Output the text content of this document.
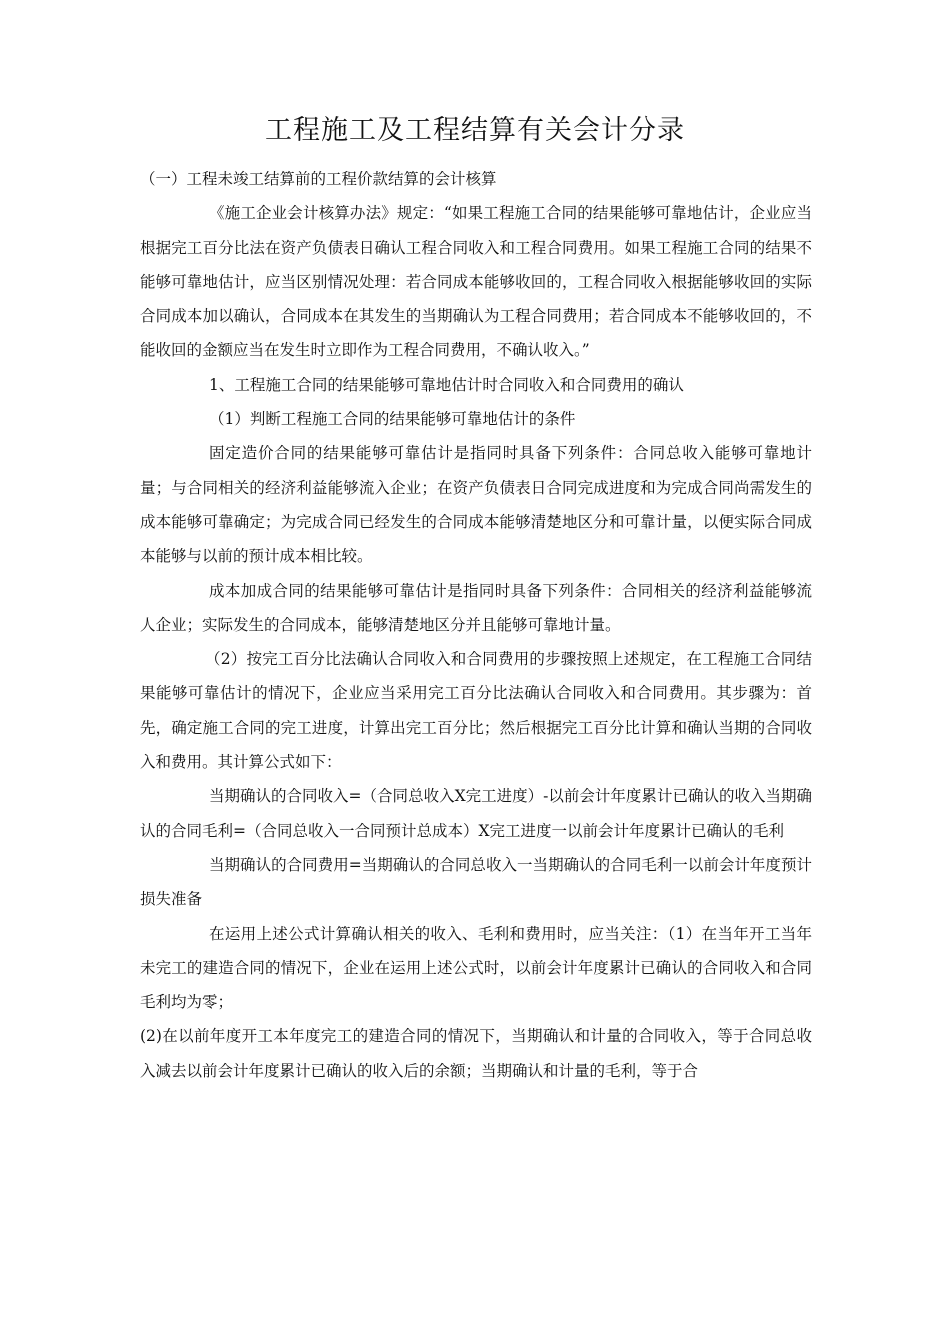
工程施工及工程结算有关会计分录

（一）工程未竣工结算前的工程价款结算的会计核算

《施工企业会计核算办法》规定：“如果工程施工合同的结果能够可靠地估计，企业应当根据完工百分比法在资产负债表日确认工程合同收入和工程合同费用。如果工程施工合同的结果不能够可靠地估计，应当区别情况处理：若合同成本能够收回的，工程合同收入根据能够收回的实际合同成本加以确认，合同成本在其发生的当期确认为工程合同费用；若合同成本不能够收回的，不能收回的金额应当在发生时立即作为工程合同费用，不确认收入。”

1、工程施工合同的结果能够可靠地估计时合同收入和合同费用的确认

（1）判断工程施工合同的结果能够可靠地估计的条件

固定造价合同的结果能够可靠估计是指同时具备下列条件：合同总收入能够可靠地计量；与合同相关的经济利益能够流入企业；在资产负债表日合同完成进度和为完成合同尚需发生的成本能够可靠确定；为完成合同已经发生的合同成本能够清楚地区分和可靠计量，以便实际合同成本能够与以前的预计成本相比较。

成本加成合同的结果能够可靠估计是指同时具备下列条件：合同相关的经济利益能够流人企业；实际发生的合同成本，能够清楚地区分并且能够可靠地计量。

（2）按完工百分比法确认合同收入和合同费用的步骤按照上述规定，在工程施工合同结果能够可靠估计的情况下，企业应当采用完工百分比法确认合同收入和合同费用。其步骤为：首先，确定施工合同的完工进度，计算出完工百分比；然后根据完工百分比计算和确认当期的合同收入和费用。其计算公式如下：

当期确认的合同收入=（合同总收入X完工进度）-以前会计年度累计已确认的收入当期确认的合同毛利=（合同总收入一合同预计总成本）X完工进度一以前会计年度累计已确认的毛利

当期确认的合同费用=当期确认的合同总收入一当期确认的合同毛利一以前会计年度预计损失准备

在运用上述公式计算确认相关的收入、毛利和费用时，应当关注：（1）在当年开工当年未完工的建造合同的情况下，企业在运用上述公式时，以前会计年度累计已确认的合同收入和合同毛利均为零；

(2)在以前年度开工本年度完工的建造合同的情况下，当期确认和计量的合同收入，等于合同总收入减去以前会计年度累计已确认的收入后的余额；当期确认和计量的毛利，等于合
